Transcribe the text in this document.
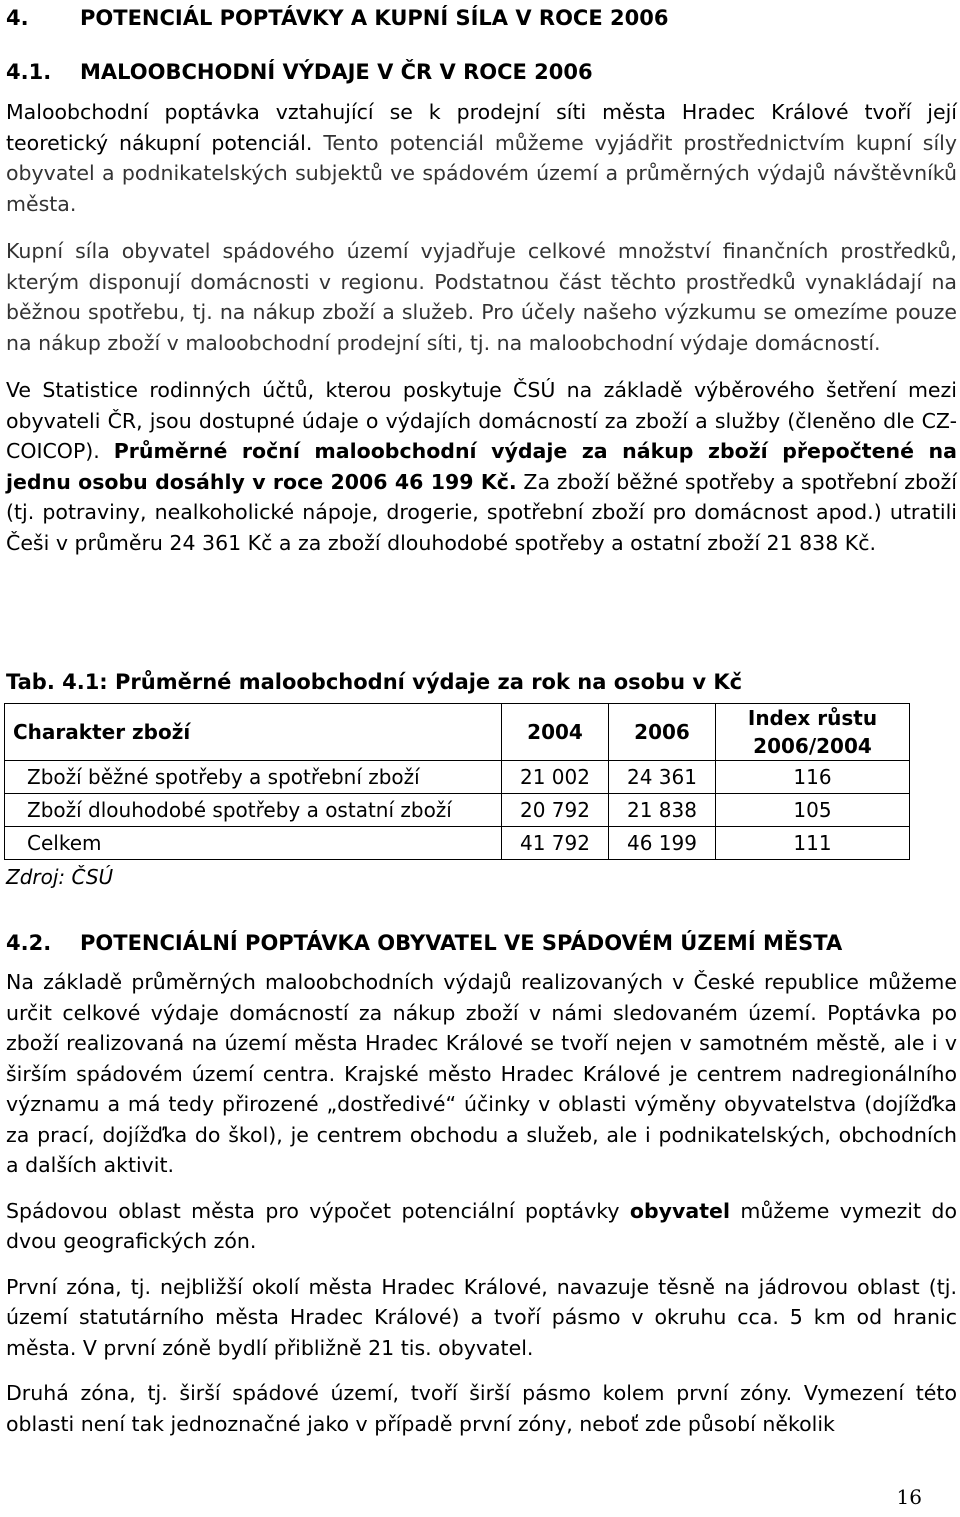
4. POTENCIÁL POPTÁVKY A KUPNÍ SÍLA V ROCE 2006
4.1. MALOOBCHODNÍ VÝDAJE V ČR V ROCE 2006

Maloobchodní poptávka vztahující se k prodejní síti města Hradec Králové tvoří její teoretický nákupní potenciál. Tento potenciál můžeme vyjádřit prostřednictvím kupní síly obyvatel a podnikatelských subjektů ve spádovém území a průměrných výdajů návštěvníků města.

Kupní síla obyvatel spádového území vyjadřuje celkové množství finančních prostředků, kterým disponují domácnosti v regionu. Podstatnou část těchto prostředků vynakládají na běžnou spotřebu, tj. na nákup zboží a služeb. Pro účely našeho výzkumu se omezíme pouze na nákup zboží v maloobchodní prodejní síti, tj. na maloobchodní výdaje domácností.

Ve Statistice rodinných účtů, kterou poskytuje ČSÚ na základě výběrového šetření mezi obyvateli ČR, jsou dostupné údaje o výdajích domácností za zboží a služby (členěno dle CZ-COICOP). Průměrné roční maloobchodní výdaje za nákup zboží přepočtené na jednu osobu dosáhly v roce 2006 46 199 Kč. Za zboží běžné spotřeby a spotřební zboží (tj. potraviny, nealkoholické nápoje, drogerie, spotřební zboží pro domácnost apod.) utratili Češi v průměru 24 361 Kč a za zboží dlouhodobé spotřeby a ostatní zboží 21 838 Kč.

Tab. 4.1: Průměrné maloobchodní výdaje za rok na osobu v Kč
Charakter zboží	2004	2006	Index růstu 2006/2004
Zboží běžné spotřeby a spotřební zboží	21 002	24 361	116
Zboží dlouhodobé spotřeby a ostatní zboží	20 792	21 838	105
Celkem	41 792	46 199	111
Zdroj: ČSÚ
4.2. POTENCIÁLNÍ POPTÁVKA OBYVATEL VE SPÁDOVÉM ÚZEMÍ MĚSTA

Na základě průměrných maloobchodních výdajů realizovaných v České republice můžeme určit celkové výdaje domácností za nákup zboží v námi sledovaném území. Poptávka po zboží realizovaná na území města Hradec Králové se tvoří nejen v samotném městě, ale i v širším spádovém území centra. Krajské město Hradec Králové je centrem nadregionálního významu a má tedy přirozené „dostředivé“ účinky v oblasti výměny obyvatelstva (dojížďka za prací, dojížďka do škol), je centrem obchodu a služeb, ale i podnikatelských, obchodních a dalších aktivit.

Spádovou oblast města pro výpočet potenciální poptávky obyvatel můžeme vymezit do dvou geografických zón.

První zóna, tj. nejbližší okolí města Hradec Králové, navazuje těsně na jádrovou oblast (tj. území statutárního města Hradec Králové) a tvoří pásmo v okruhu cca. 5 km od hranic města. V první zóně bydlí přibližně 21 tis. obyvatel.

Druhá zóna, tj. širší spádové území, tvoří širší pásmo kolem první zóny. Vymezení této oblasti není tak jednoznačné jako v případě první zóny, neboť zde působí několik

16
